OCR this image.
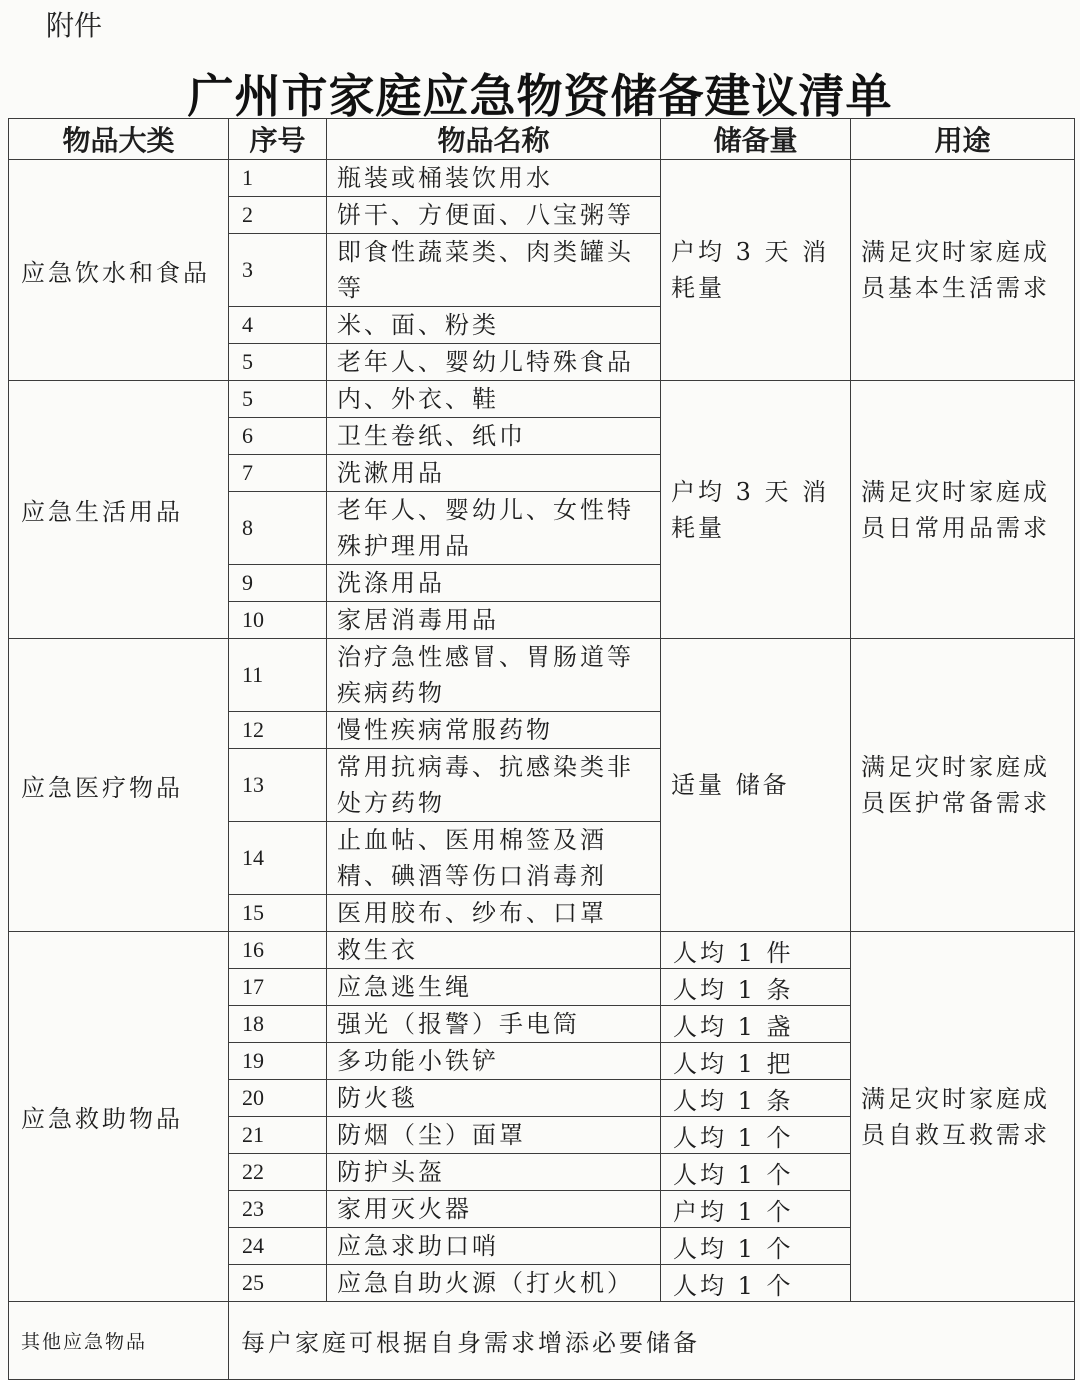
附件
广州市家庭应急物资储备建议清单
物品大类	序号	物品名称	储备量	用途
应急饮水和食品	1	瓶装或桶装饮用水	户均 3 天 消耗量	满足灾时家庭成员基本生活需求
	2	饼干、方便面、八宝粥等		
	3	即食性蔬菜类、肉类罐头等		
	4	米、面、粉类		
	5	老年人、婴幼儿特殊食品		
应急生活用品	5	内、外衣、鞋	户均 3 天 消耗量	满足灾时家庭成员日常用品需求
	6	卫生卷纸、纸巾		
	7	洗漱用品		
	8	老年人、婴幼儿、女性特殊护理用品		
	9	洗涤用品		
	10	家居消毒用品		
应急医疗物品	11	治疗急性感冒、胃肠道等疾病药物	适量 储备	满足灾时家庭成员医护常备需求
	12	慢性疾病常服药物		
	13	常用抗病毒、抗感染类非处方药物		
	14	止血帖、医用棉签及酒精、碘酒等伤口消毒剂		
	15	医用胶布、纱布、口罩		
应急救助物品	16	救生衣	人均 1 件	满足灾时家庭成员自救互救需求
	17	应急逃生绳	人均 1 条	
	18	强光（报警）手电筒	人均 1 盏	
	19	多功能小铁铲	人均 1 把	
	20	防火毯	人均 1 条	
	21	防烟（尘）面罩	人均 1 个	
	22	防护头盔	人均 1 个	
	23	家用灭火器	户均 1 个	
	24	应急求助口哨	人均 1 个	
	25	应急自助火源（打火机）	人均 1 个	
其他应急物品	每户家庭可根据自身需求增添必要储备			
